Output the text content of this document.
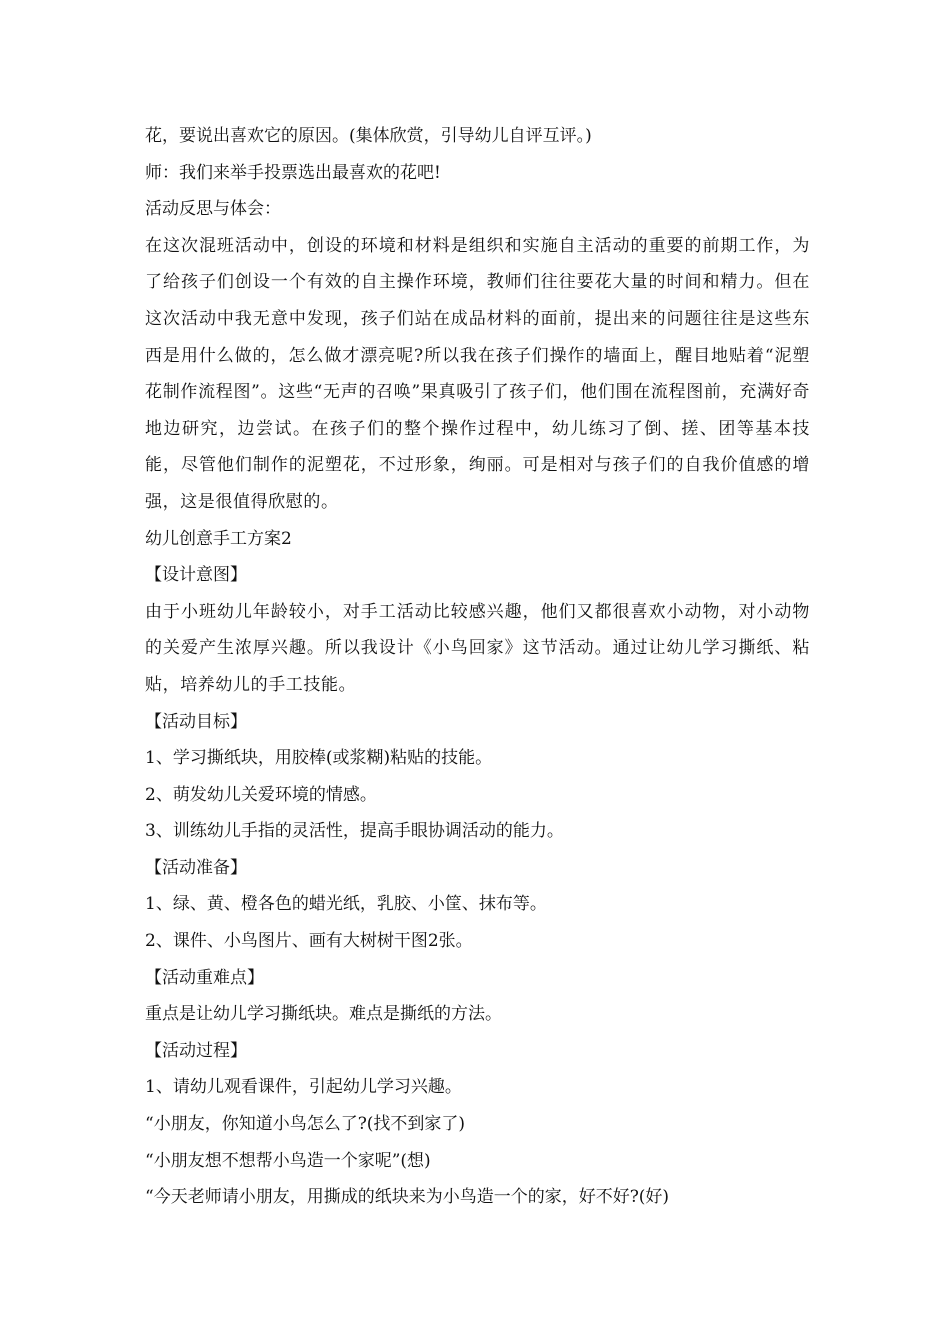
花，要说出喜欢它的原因。(集体欣赏，引导幼儿自评互评。)
师：我们来举手投票选出最喜欢的花吧!
活动反思与体会：
在这次混班活动中，创设的环境和材料是组织和实施自主活动的重要的前期工作，为了给孩子们创设一个有效的自主操作环境，教师们往往要花大量的时间和精力。但在这次活动中我无意中发现，孩子们站在成品材料的面前，提出来的问题往往是这些东西是用什么做的，怎么做才漂亮呢?所以我在孩子们操作的墙面上，醒目地贴着“泥塑花制作流程图”。这些“无声的召唤”果真吸引了孩子们，他们围在流程图前，充满好奇地边研究，边尝试。在孩子们的整个操作过程中，幼儿练习了倒、搓、团等基本技能，尽管他们制作的泥塑花，不过形象，绚丽。可是相对与孩子们的自我价值感的增强，这是很值得欣慰的。
幼儿创意手工方案2
【设计意图】
由于小班幼儿年龄较小，对手工活动比较感兴趣，他们又都很喜欢小动物，对小动物的关爱产生浓厚兴趣。所以我设计《小鸟回家》这节活动。通过让幼儿学习撕纸、粘贴，培养幼儿的手工技能。
【活动目标】
1、学习撕纸块，用胶棒(或浆糊)粘贴的技能。
2、萌发幼儿关爱环境的情感。
3、训练幼儿手指的灵活性，提高手眼协调活动的能力。
【活动准备】
1、绿、黄、橙各色的蜡光纸，乳胶、小筐、抹布等。
2、课件、小鸟图片、画有大树树干图2张。
【活动重难点】
重点是让幼儿学习撕纸块。难点是撕纸的方法。
【活动过程】
1、请幼儿观看课件，引起幼儿学习兴趣。
“小朋友，你知道小鸟怎么了?(找不到家了)
“小朋友想不想帮小鸟造一个家呢”(想)
“今天老师请小朋友，用撕成的纸块来为小鸟造一个的家，好不好?(好)
